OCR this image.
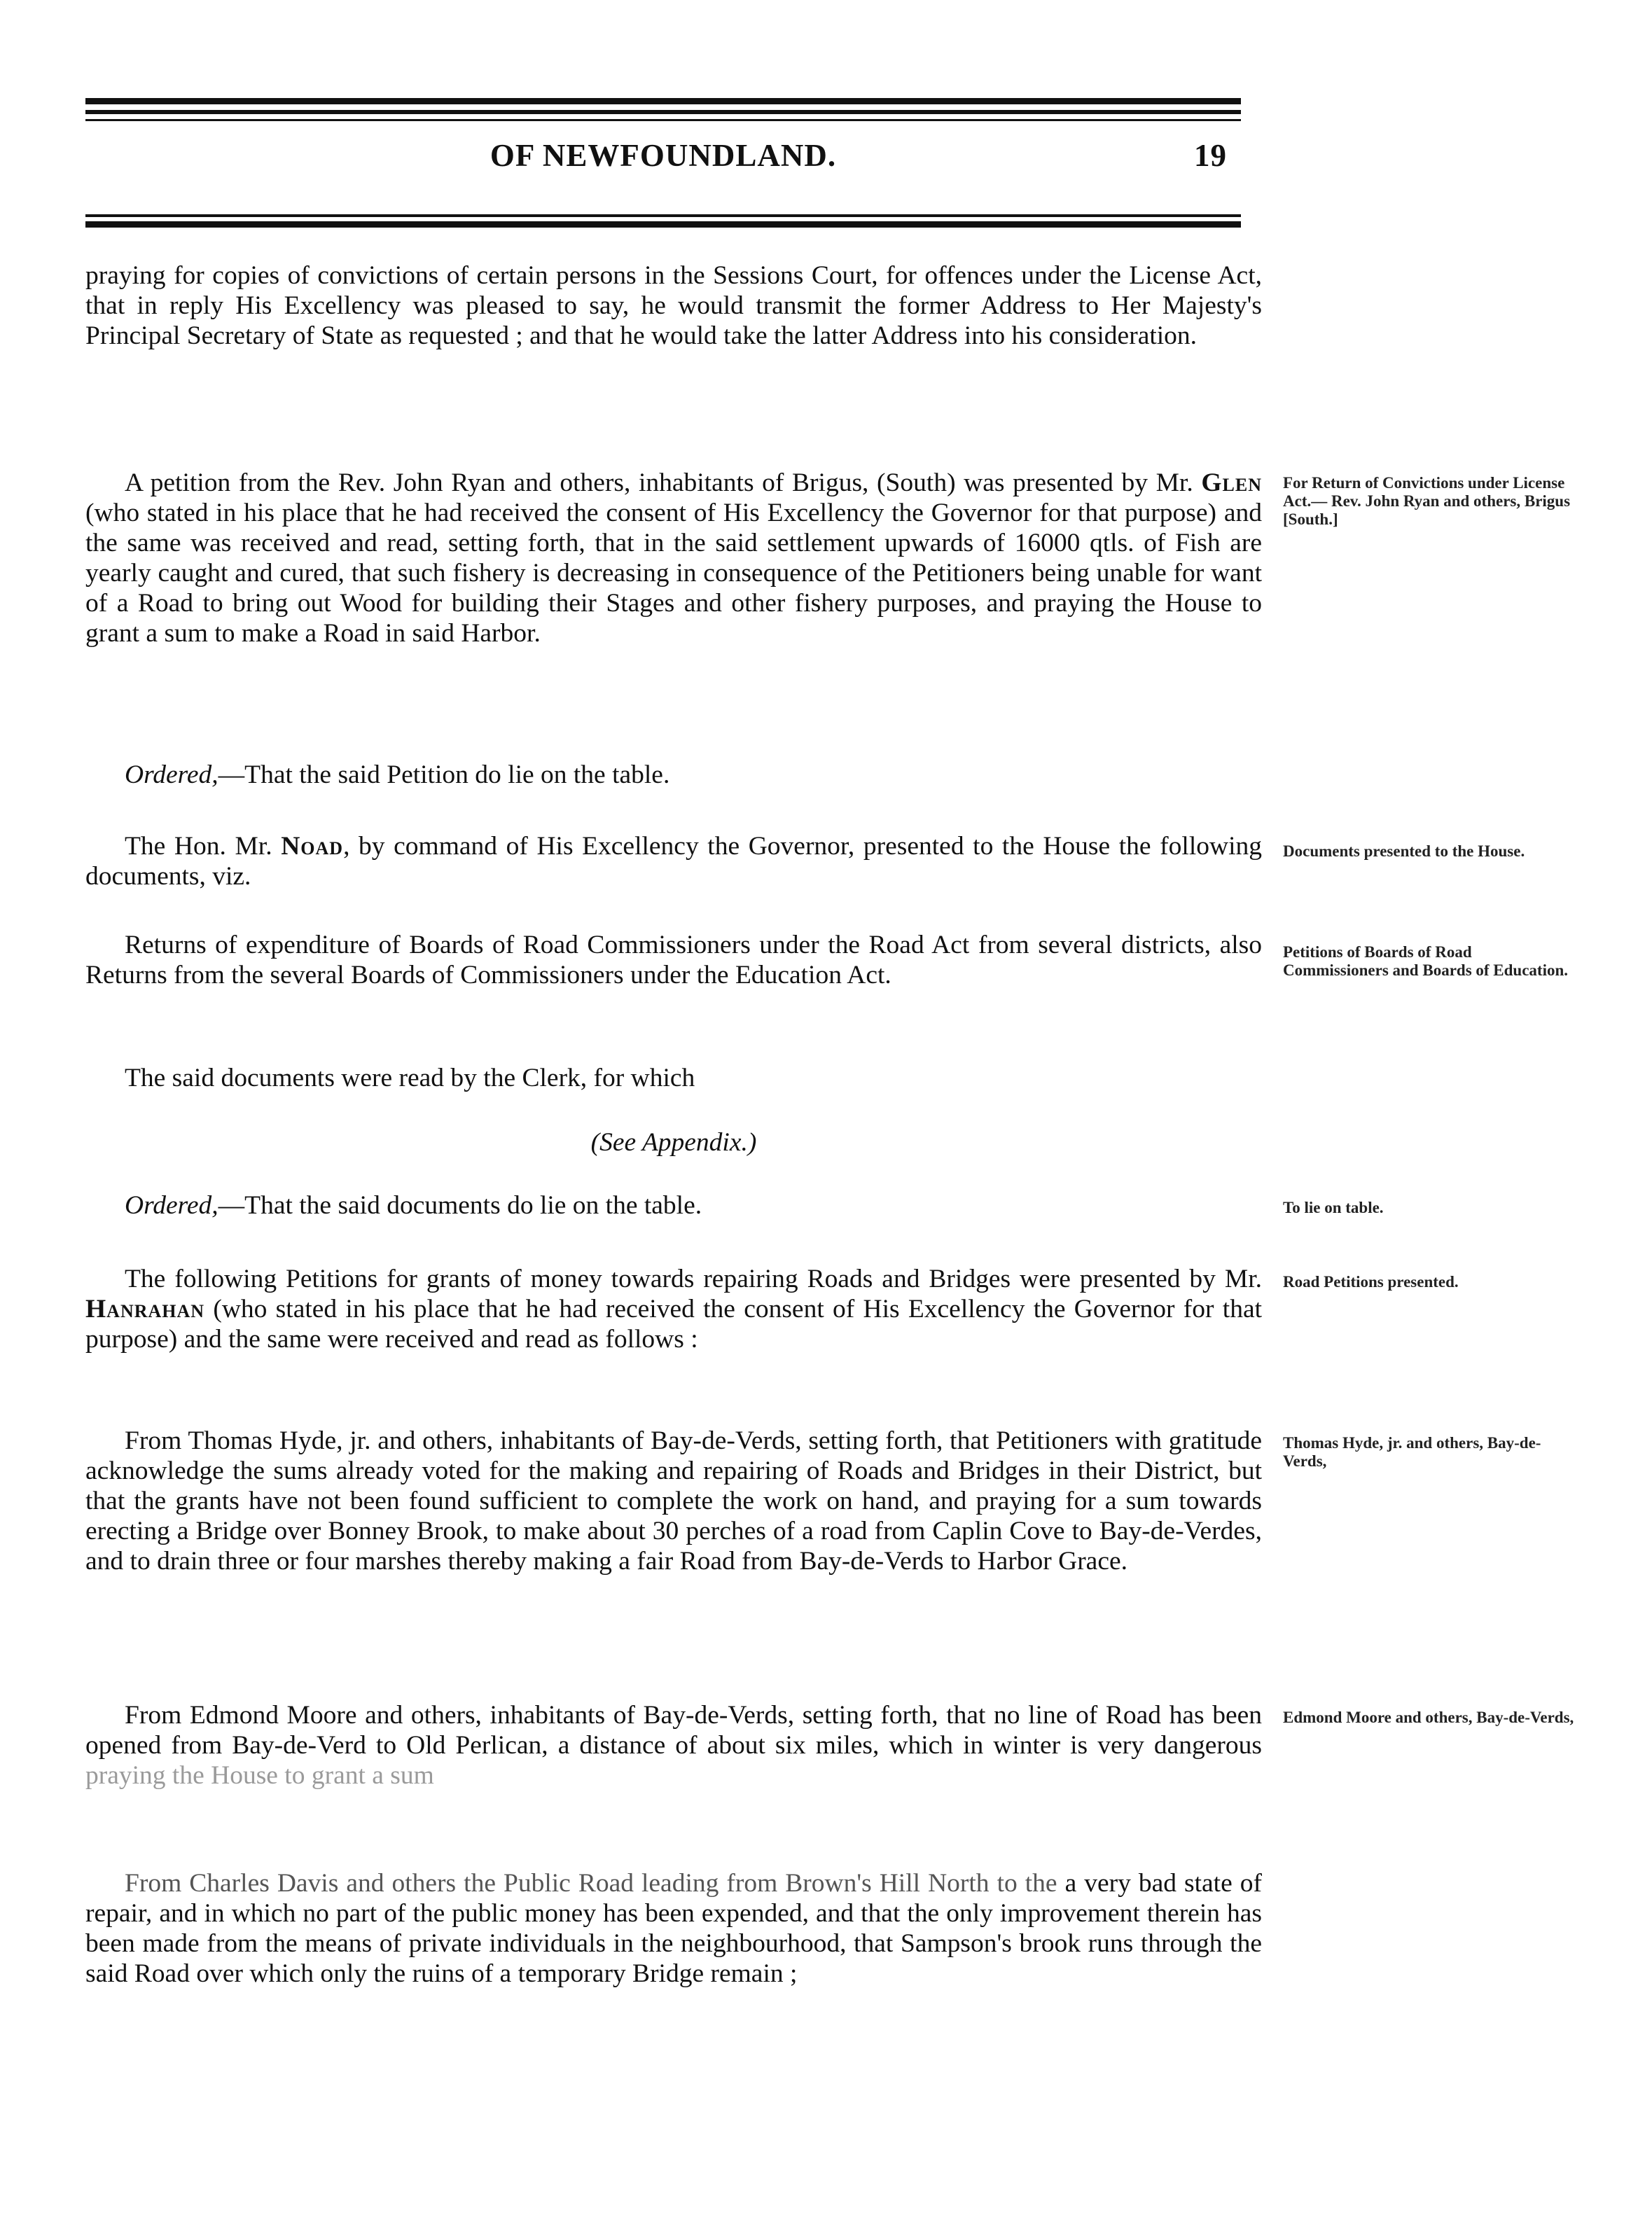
OF NEWFOUNDLAND.	19

praying for copies of convictions of certain persons in the Sessions Court, for offences under the License Act, that in reply His Excellency was pleased to say, he would transmit the former Address to Her Majesty's Principal Secretary of State as requested ; and that he would take the latter Address into his consideration.

A petition from the Rev. John Ryan and others, inhabitants of Brigus, (South) was presented by Mr. Glen (who stated in his place that he had received the consent of His Excellency the Governor for that purpose) and the same was received and read, setting forth, that in the said settlement upwards of 16000 qtls. of Fish are yearly caught and cured, that such fishery is decreasing in consequence of the Petitioners being unable for want of a Road to bring out Wood for building their Stages and other fishery purposes, and praying the House to grant a sum to make a Road in said Harbor.

For Return of Convictions under License Act.— Rev. John Ryan and others, Brigus [South.]

Ordered,—That the said Petition do lie on the table.

The Hon. Mr. Noad, by command of His Excellency the Governor, presented to the House the following documents, viz.

Documents presented to the House.

Returns of expenditure of Boards of Road Commissioners under the Road Act from several districts, also Returns from the several Boards of Commissioners under the Education Act.

Petitions of Boards of Road Commissioners and Boards of Education.

The said documents were read by the Clerk, for which

(See Appendix.)

Ordered,—That the said documents do lie on the table.	To lie on table.

The following Petitions for grants of money towards repairing Roads and Bridges were presented by Mr. Hanrahan (who stated in his place that he had received the consent of His Excellency the Governor for that purpose) and the same were received and read as follows :

Road Petitions presented.

From Thomas Hyde, jr. and others, inhabitants of Bay-de-Verds, setting forth, that Petitioners with gratitude acknowledge the sums already voted for the making and repairing of Roads and Bridges in their District, but that the grants have not been found sufficient to complete the work on hand, and praying for a sum towards erecting a Bridge over Bonney Brook, to make about 30 perches of a road from Caplin Cove to Bay-de-Verdes, and to drain three or four marshes thereby making a fair Road from Bay-de-Verds to Harbor Grace.

Thomas Hyde, jr. and others, Bay-de-Verds,

From Edmond Moore and others, inhabitants of Bay-de-Verds, setting forth, that no line of Road has been opened from Bay-de-Verd to Old Perlican, a distance of about six miles, which in winter is very dangerous praying the House to grant a sum

Edmond Moore and others, Bay-de-Verds,

From Charles Davis and others the Public Road leading from Brown's Hill North to the a very bad state of repair, and in which no part of the public money has been expended, and that the only improvement therein has been made from the means of private individuals in the neighbourhood, that Sampson's brook runs through the said Road over which only the ruins of a temporary Bridge remain ;
